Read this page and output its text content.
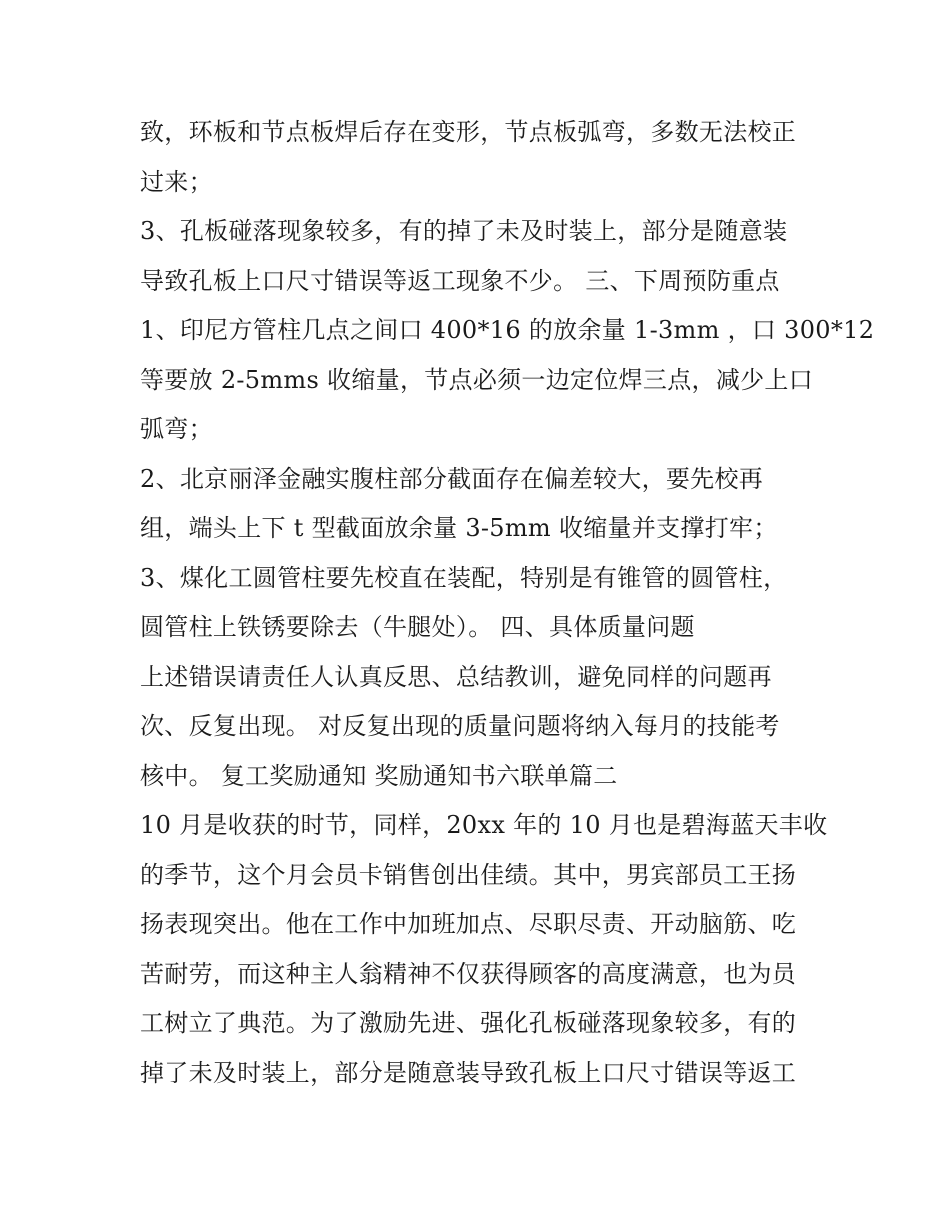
致，环板和节点板焊后存在变形，节点板弧弯，多数无法校正
过来；
3、孔板碰落现象较多，有的掉了未及时装上，部分是随意装
导致孔板上口尺寸错误等返工现象不少。 三、下周预防重点
1、印尼方管柱几点之间口 400*16 的放余量 1-3mm ，口 300*12
等要放 2-5mms 收缩量，节点必须一边定位焊三点，减少上口
弧弯；
2、北京丽泽金融实腹柱部分截面存在偏差较大，要先校再
组，端头上下 t 型截面放余量 3-5mm 收缩量并支撑打牢；
3、煤化工圆管柱要先校直在装配，特别是有锥管的圆管柱，
圆管柱上铁锈要除去（牛腿处）。 四、具体质量问题
上述错误请责任人认真反思、总结教训，避免同样的问题再
次、反复出现。 对反复出现的质量问题将纳入每月的技能考
核中。 复工奖励通知 奖励通知书六联单篇二
10 月是收获的时节，同样，20xx 年的 10 月也是碧海蓝天丰收
的季节，这个月会员卡销售创出佳绩。其中，男宾部员工王扬
扬表现突出。他在工作中加班加点、尽职尽责、开动脑筋、吃
苦耐劳，而这种主人翁精神不仅获得顾客的高度满意，也为员
工树立了典范。为了激励先进、强化孔板碰落现象较多，有的
掉了未及时装上，部分是随意装导致孔板上口尺寸错误等返工
